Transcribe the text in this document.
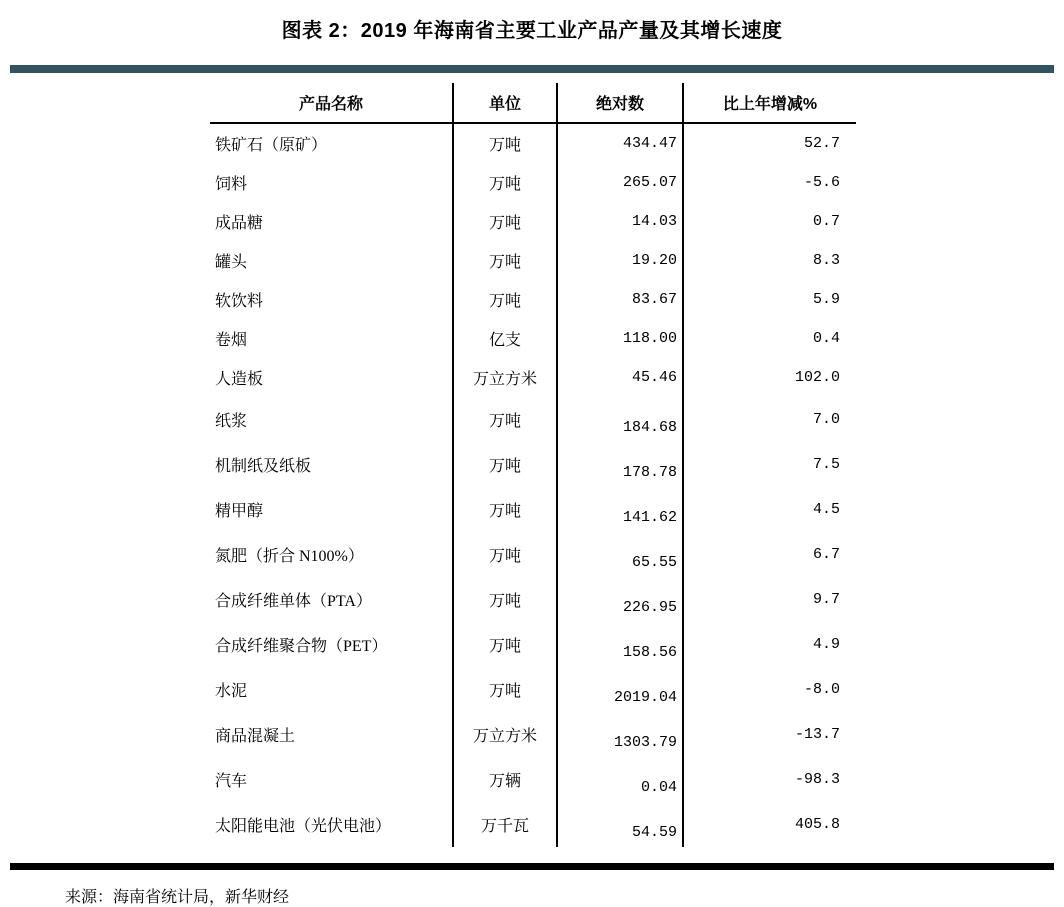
图表 2：2019 年海南省主要工业产品产量及其增长速度
产品名称	单位	绝对数	比上年增减%
铁矿石（原矿）	万吨	434.47	52.7
饲料	万吨	265.07	-5.6
成品糖	万吨	14.03	0.7
罐头	万吨	19.20	8.3
软饮料	万吨	83.67	5.9
卷烟	亿支	118.00	0.4
人造板	万立方米	45.46	102.0
纸浆	万吨	184.68	7.0
机制纸及纸板	万吨	178.78	7.5
精甲醇	万吨	141.62	4.5
氮肥（折合 N100%）	万吨	65.55	6.7
合成纤维单体（PTA）	万吨	226.95	9.7
合成纤维聚合物（PET）	万吨	158.56	4.9
水泥	万吨	2019.04	-8.0
商品混凝土	万立方米	1303.79	-13.7
汽车	万辆	0.04	-98.3
太阳能电池（光伏电池）	万千瓦	54.59	405.8
来源：海南省统计局，新华财经
